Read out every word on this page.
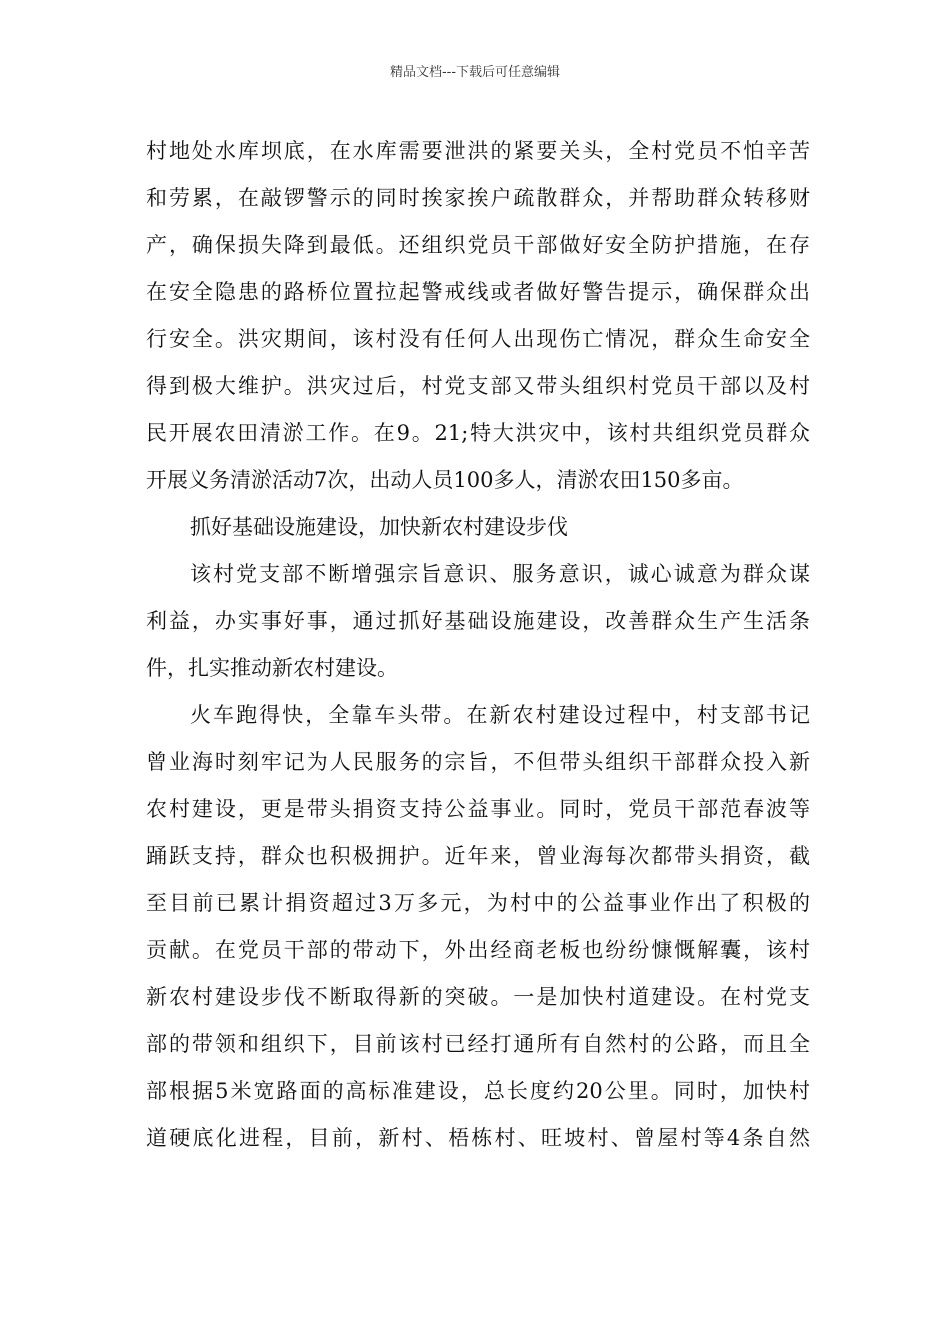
精品文档---下载后可任意编辑
村地处水库坝底，在水库需要泄洪的紧要关头，全村党员不怕辛苦
和劳累，在敲锣警示的同时挨家挨户疏散群众，并帮助群众转移财
产，确保损失降到最低。还组织党员干部做好安全防护措施，在存
在安全隐患的路桥位置拉起警戒线或者做好警告提示，确保群众出
行安全。洪灾期间，该村没有任何人出现伤亡情况，群众生命安全
得到极大维护。洪灾过后，村党支部又带头组织村党员干部以及村
民开展农田清淤工作。在9。21;特大洪灾中，该村共组织党员群众
开展义务清淤活动7次，出动人员100多人，清淤农田150多亩。
抓好基础设施建设，加快新农村建设步伐
该村党支部不断增强宗旨意识、服务意识，诚心诚意为群众谋
利益，办实事好事，通过抓好基础设施建设，改善群众生产生活条
件，扎实推动新农村建设。
火车跑得快，全靠车头带。在新农村建设过程中，村支部书记
曾业海时刻牢记为人民服务的宗旨，不但带头组织干部群众投入新
农村建设，更是带头捐资支持公益事业。同时，党员干部范春波等
踊跃支持，群众也积极拥护。近年来，曾业海每次都带头捐资，截
至目前已累计捐资超过3万多元，为村中的公益事业作出了积极的
贡献。在党员干部的带动下，外出经商老板也纷纷慷慨解囊，该村
新农村建设步伐不断取得新的突破。一是加快村道建设。在村党支
部的带领和组织下，目前该村已经打通所有自然村的公路，而且全
部根据5米宽路面的高标准建设，总长度约20公里。同时，加快村
道硬底化进程，目前，新村、梧栋村、旺坡村、曾屋村等4条自然
